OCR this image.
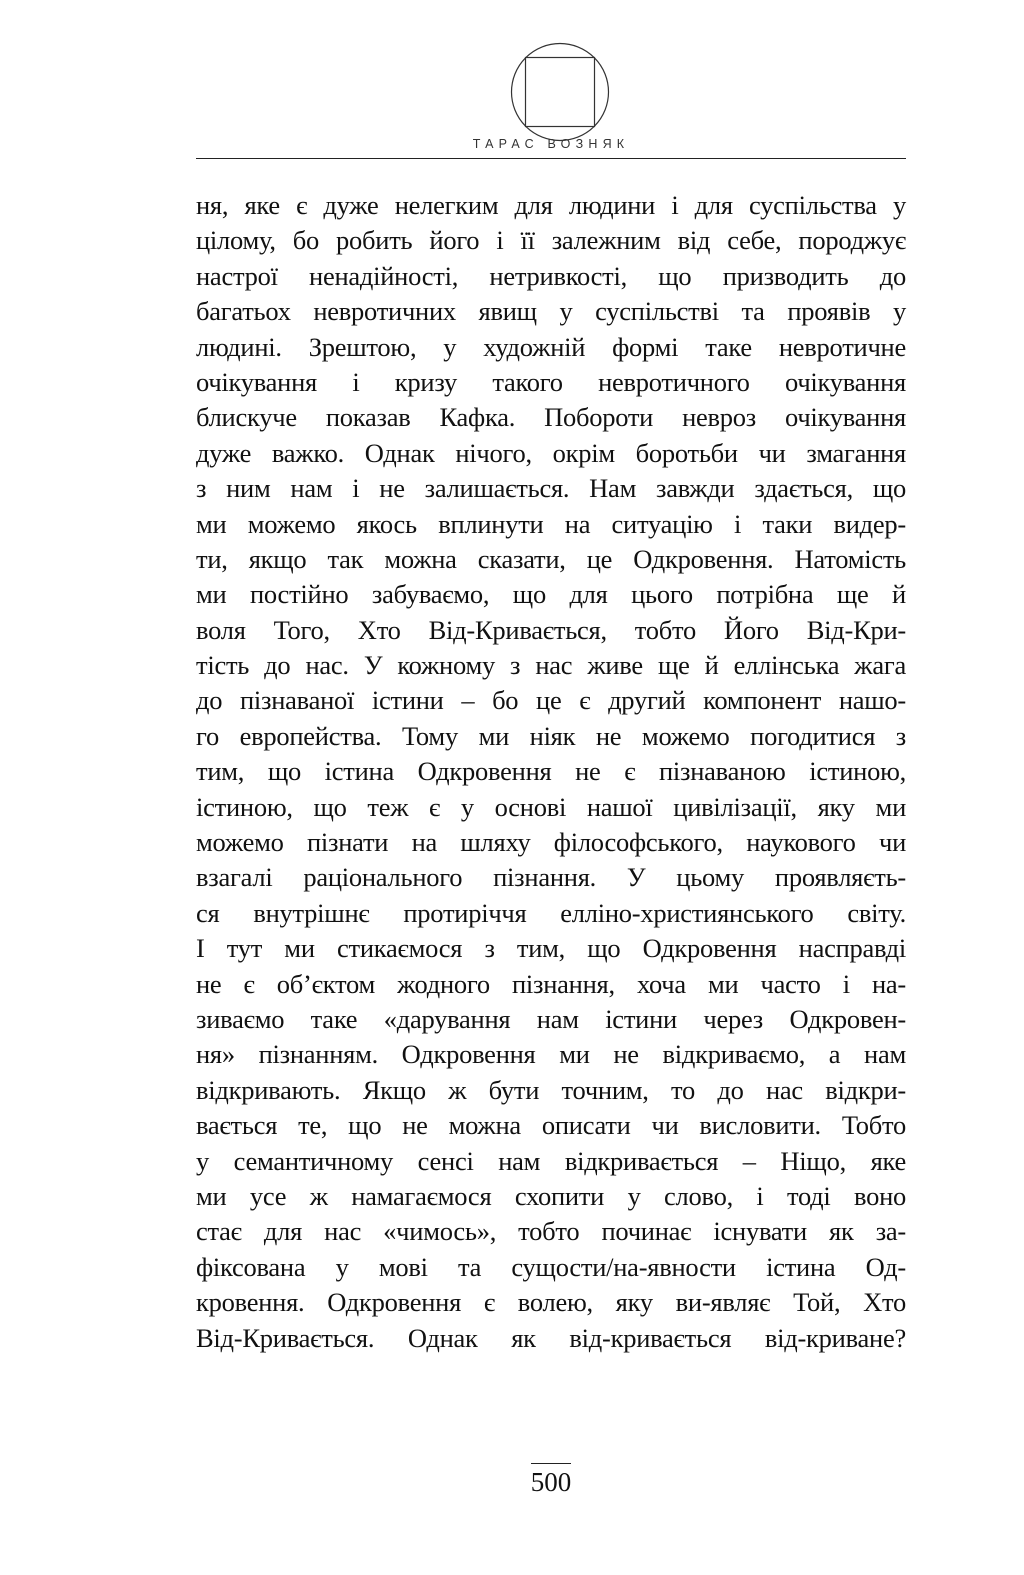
ТАРАС ВОЗНЯК
ня, яке є дуже нелегким для людини і для суспільства у
цілому, бо робить його і її залежним від себе, породжує
настрої ненадійності, нетривкості, що призводить до
багатьох невротичних явищ у суспільстві та проявів у
людині. Зрештою, у художній формі таке невротичне
очікування і кризу такого невротичного очікування
блискуче показав Кафка. Побороти невроз очікування
дуже важко. Однак нічого, окрім боротьби чи змагання
з ним нам і не залишається. Нам завжди здається, що
ми можемо якось вплинути на ситуацію і таки видер-
ти, якщо так можна сказати, це Одкровення. Натомість
ми постійно забуваємо, що для цього потрібна ще й
воля Того, Хто Від-Кривається, тобто Його Від-Кри-
тість до нас. У кожному з нас живе ще й еллінська жага
до пізнаваної істини – бо це є другий компонент нашо-
го европейства. Тому ми ніяк не можемо погодитися з
тим, що істина Одкровення не є пізнаваною істиною,
істиною, що теж є у основі нашої цивілізації, яку ми
можемо пізнати на шляху філософського, наукового чи
взагалі раціонального пізнання. У цьому проявляєть-
ся внутрішнє протиріччя елліно-християнського світу.
І тут ми стикаємося з тим, що Одкровення насправді
не є об’єктом жодного пізнання, хоча ми часто і на-
зиваємо таке «дарування нам істини через Одкровен-
ня» пізнанням. Одкровення ми не відкриваємо, а нам
відкривають. Якщо ж бути точним, то до нас відкри-
вається те, що не можна описати чи висловити. Тобто
у семантичному сенсі нам відкривається – Ніщо, яке
ми усе ж намагаємося схопити у слово, і тоді воно
стає для нас «чимось», тобто починає існувати як за-
фіксована у мові та сущости/на-явности істина Од-
кровення. Одкровення є волею, яку ви-являє Той, Хто
Від-Кривається. Однак як від-кривається від-криване?
500
